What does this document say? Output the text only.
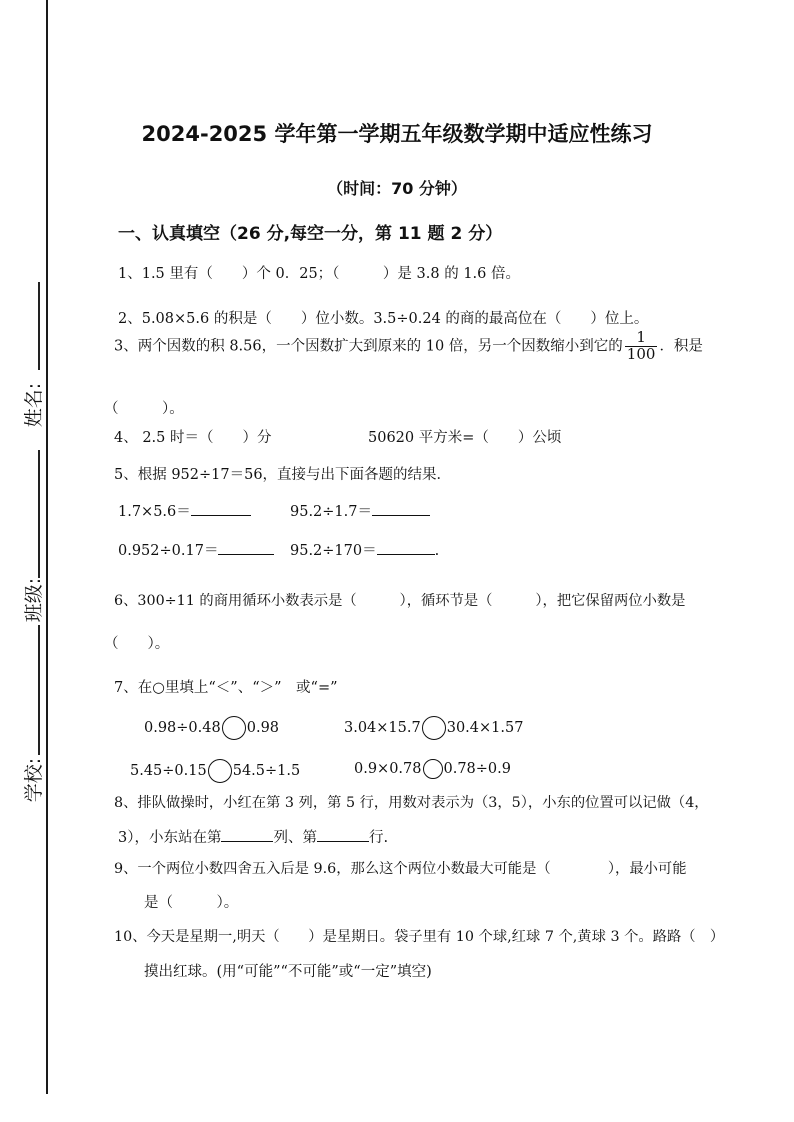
姓名:
班级:
学校:
2024-2025 学年第一学期五年级数学期中适应性练习
（时间：70 分钟）
一、认真填空（26 分,每空一分，第 11 题 2 分）
1、1.5 里有（　　）个 0．25；（　　　）是 3.8 的 1.6 倍。
2、5.08×5.6 的积是（　　）位小数。3.5÷0.24 的商的最高位在（　　）位上。
3、两个因数的积 8.56，一个因数扩大到原来的 10 倍，另一个因数缩小到它的 $\frac{1}{100}$ ．积是
（　　　）。
4、 2.5 时＝（　　）分	50620 平方米=（　　）公顷
5、根据 952÷17＝56，直接与出下面各题的结果．
1.7×5.6＝	95.2÷1.7＝
0.952÷0.17＝	95.2÷170＝	.
6、300÷11 的商用循环小数表示是（　　　），循环节是（　　　），把它保留两位小数是
（　　）。
7、在○里填上“＜”、“＞”　或“=”
0.98÷0.48 0.98	3.04×15.7 30.4×1.57
5.45÷0.15 54.5÷1.5	0.9×0.78 0.78÷0.9
8、排队做操时，小红在第 3 列，第 5 行，用数对表示为（3，5），小东的位置可以记做（4，
3），小东站在第	列、第	行.
9、一个两位小数四舍五入后是 9.6，那么这个两位小数最大可能是（　　　　），最小可能
是（　　　）。
10、今天是星期一,明天（　　）是星期日。袋子里有 10 个球,红球 7 个,黄球 3 个。路路（　）
摸出红球。(用“可能”“不可能”或“一定”填空)
